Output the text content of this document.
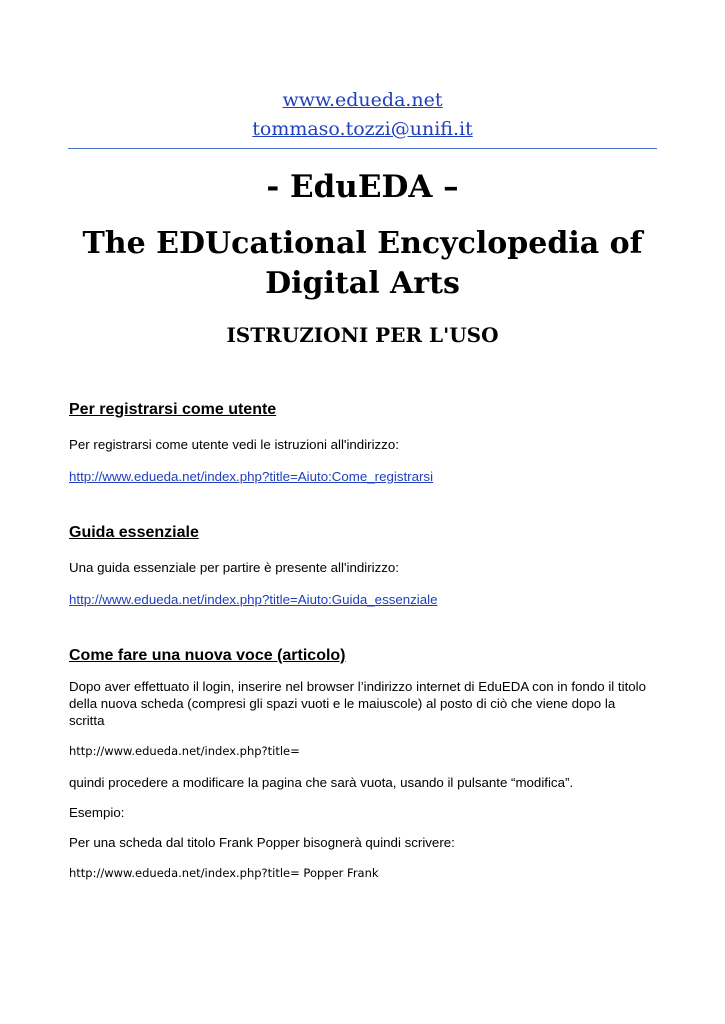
www.edueda.net
tommaso.tozzi@unifi.it

- EduEDA –

The EDUcational Encyclopedia of
Digital Arts

ISTRUZIONI PER L'USO

Per registrarsi come utente

Per registrarsi come utente vedi le istruzioni all'indirizzo:

http://www.edueda.net/index.php?title=Aiuto:Come_registrarsi

Guida essenziale

Una guida essenziale per partire è presente all'indirizzo:

http://www.edueda.net/index.php?title=Aiuto:Guida_essenziale

Come fare una nuova voce (articolo)

Dopo aver effettuato il login, inserire nel browser l’indirizzo internet di EduEDA con in fondo il titolo
della nuova scheda (compresi gli spazi vuoti e le maiuscole) al posto di ciò che viene dopo la
scritta

http://www.edueda.net/index.php?title=

quindi procedere a modificare la pagina che sarà vuota, usando il pulsante “modifica”.

Esempio:

Per una scheda dal titolo Frank Popper bisognerà quindi scrivere:

http://www.edueda.net/index.php?title= Popper Frank
